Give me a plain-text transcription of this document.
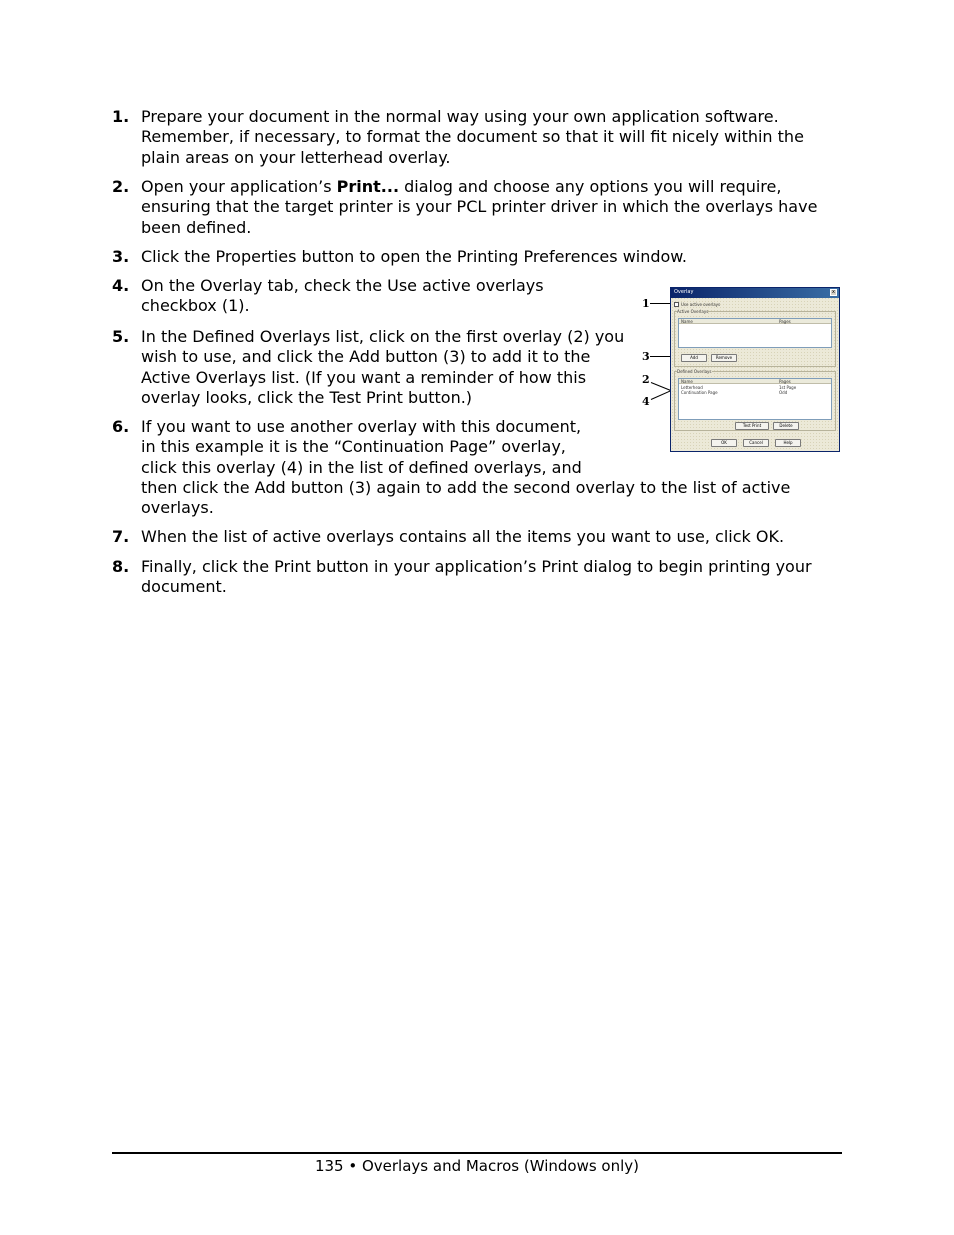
1. Prepare your document in the normal way using your own application software. Remember, if necessary, to format the document so that it will fit nicely within the plain areas on your letterhead overlay.
2. Open your application’s Print... dialog and choose any options you will require, ensuring that the target printer is your PCL printer driver in which the overlays have been defined.
3. Click the Properties button to open the Printing Preferences window.
4. On the Overlay tab, check the Use active overlays checkbox (1).
5. In the Defined Overlays list, click on the first overlay (2) you wish to use, and click the Add button (3) to add it to the Active Overlays list. (If you want a reminder of how this overlay looks, click the Test Print button.)
6. If you want to use another overlay with this document,
in this example it is the “Continuation Page” overlay,
click this overlay (4) in the list of defined overlays, and
then click the Add button (3) again to add the second overlay to the list of active overlays.
7. When the list of active overlays contains all the items you want to use, click OK.
8. Finally, click the Print button in your application’s Print dialog to begin printing your document.
1
3
2
4
Overlay	x
Use active overlays
Active Overlays
Name	Pages
Add	Remove
Defined Overlays
Name	Pages
Letterhead	1st Page
Continuation Page	Odd
Test Print	Delete
OK	Cancel	Help
135 • Overlays and Macros (Windows only)
